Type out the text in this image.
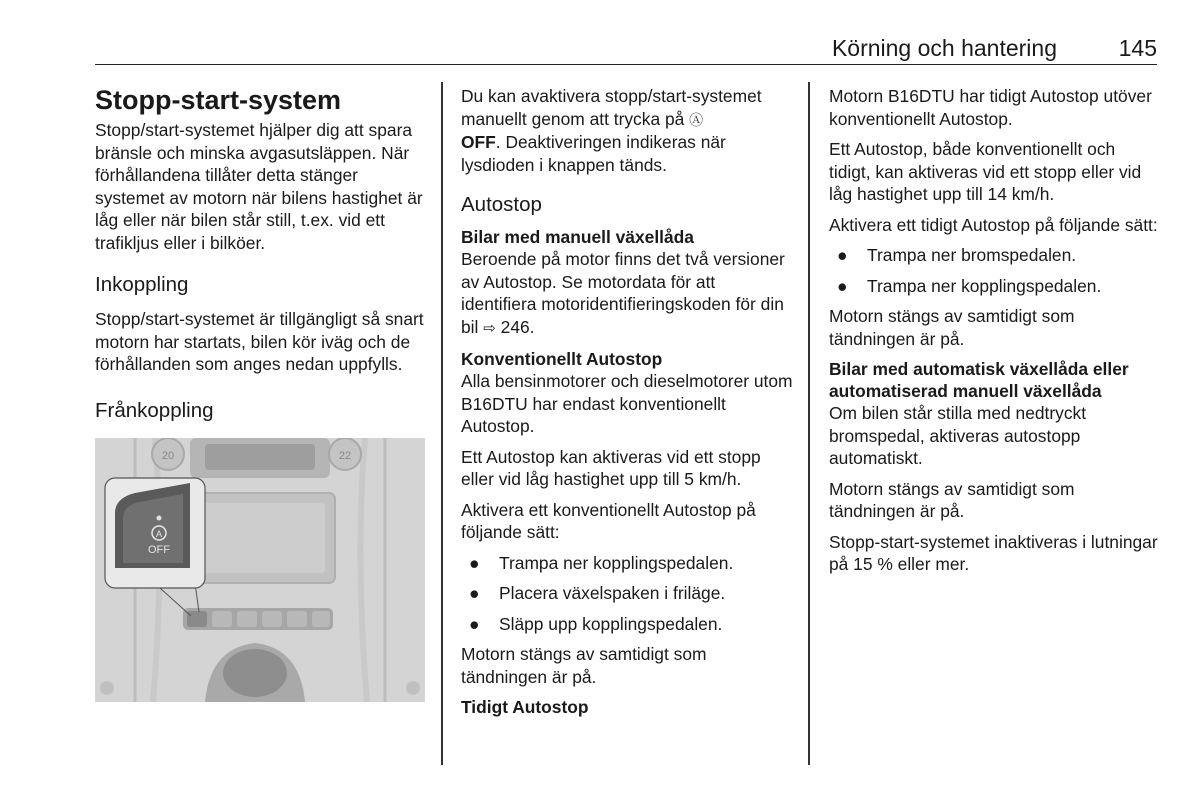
Körning och hantering	145
Stopp-start-system

Stopp/start-systemet hjälper dig att spara bränsle och minska avgasutsläppen. När förhållandena tillåter detta stänger systemet av motorn när bilens hastighet är låg eller när bilen står still, t.ex. vid ett trafikljus eller i bilköer.

Inkoppling

Stopp/start-systemet är tillgängligt så snart motorn har startats, bilen kör iväg och de förhållanden som anges nedan uppfylls.

Frånkoppling
20	22
A
OFF

Du kan avaktivera stopp/start-systemet manuellt genom att trycka på Ⓐ
OFF. Deaktiveringen indikeras när lysdioden i knappen tänds.

Autostop
Bilar med manuell växellåda

Beroende på motor finns det två versioner av Autostop. Se motordata för att identifiera motoridentifieringskoden för din bil ⇨ 246.

Konventionellt Autostop

Alla bensinmotorer och dieselmotorer utom B16DTU har endast konventionellt Autostop.

Ett Autostop kan aktiveras vid ett stopp eller vid låg hastighet upp till 5 km/h.

Aktivera ett konventionellt Autostop på följande sätt:

● Trampa ner kopplingspedalen.
● Placera växelspaken i friläge.
● Släpp upp kopplingspedalen.

Motorn stängs av samtidigt som tändningen är på.

Tidigt Autostop

Motorn B16DTU har tidigt Autostop utöver konventionellt Autostop.

Ett Autostop, både konventionellt och tidigt, kan aktiveras vid ett stopp eller vid låg hastighet upp till 14 km/h.

Aktivera ett tidigt Autostop på följande sätt:

● Trampa ner bromspedalen.
● Trampa ner kopplingspedalen.

Motorn stängs av samtidigt som tändningen är på.

Bilar med automatisk växellåda eller automatiserad manuell växellåda

Om bilen står stilla med nedtryckt bromspedal, aktiveras autostopp automatiskt.

Motorn stängs av samtidigt som tändningen är på.

Stopp-start-systemet inaktiveras i lutningar på 15 % eller mer.
